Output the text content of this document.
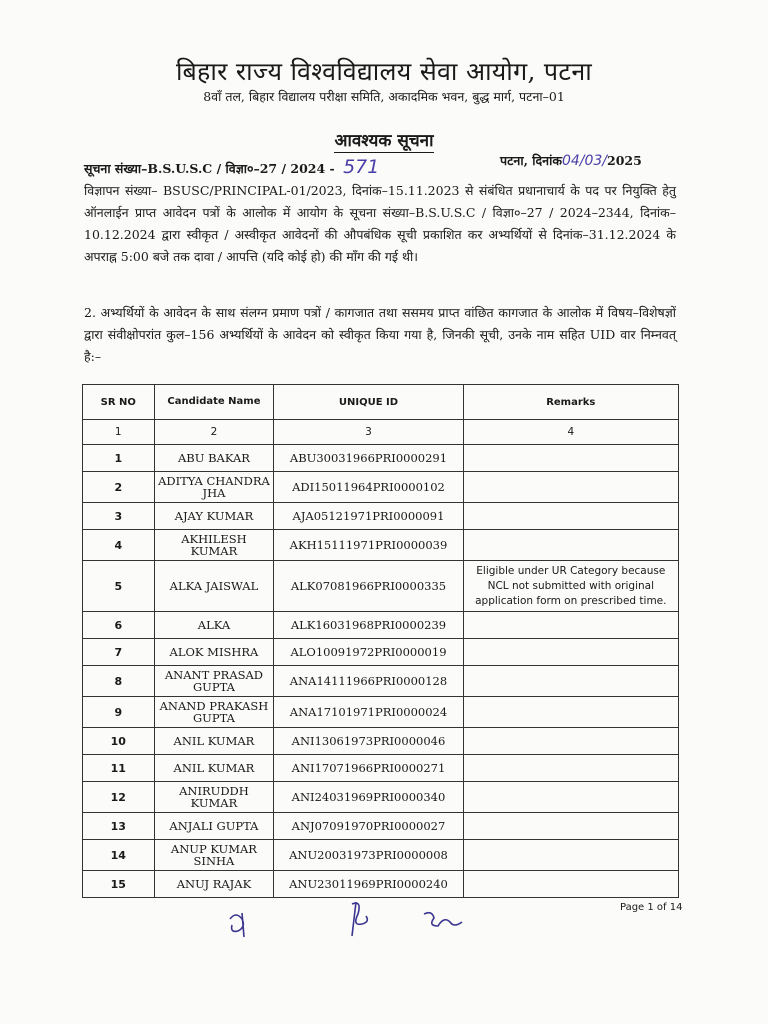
बिहार राज्य विश्वविद्यालय सेवा आयोग, पटना
8वाँ तल, बिहार विद्यालय परीक्षा समिति, अकादमिक भवन, बुद्ध मार्ग, पटना–01
आवश्यक सूचना
सूचना संख्या–B.S.U.S.C / विज्ञा०–27 / 2024 - 571	पटना, दिनांक04/03/2025
विज्ञापन संख्या– BSUSC/PRINCIPAL-01/2023, दिनांक–15.11.2023 से संबंधित प्रधानाचार्य के पद पर नियुक्ति हेतु ऑनलाईन प्राप्त आवेदन पत्रों के आलोक में आयोग के सूचना संख्या–B.S.U.S.C / विज्ञा०–27 / 2024–2344, दिनांक–10.12.2024 द्वारा स्वीकृत / अस्वीकृत आवेदनों की औपबंधिक सूची प्रकाशित कर अभ्यर्थियों से दिनांक–31.12.2024 के अपराह्न 5:00 बजे तक दावा / आपत्ति (यदि कोई हो) की माँग की गई थी।
2. अभ्यर्थियों के आवेदन के साथ संलग्न प्रमाण पत्रों / कागजात तथा ससमय प्राप्त वांछित कागजात के आलोक में विषय–विशेषज्ञों द्वारा संवीक्षोपरांत कुल–156 अभ्यर्थियों के आवेदन को स्वीकृत किया गया है, जिनकी सूची, उनके नाम सहित UID वार निम्नवत् है:–
SR NO	Candidate Name	UNIQUE ID	Remarks
1	2	3	4
1	ABU BAKAR	ABU30031966PRI0000291	
2	ADITYA CHANDRA JHA	ADI15011964PRI0000102	
3	AJAY KUMAR	AJA05121971PRI0000091	
4	AKHILESH KUMAR	AKH15111971PRI0000039	
5	ALKA JAISWAL	ALK07081966PRI0000335	Eligible under UR Category because NCL not submitted with original application form on prescribed time.
6	ALKA	ALK16031968PRI0000239	
7	ALOK MISHRA	ALO10091972PRI0000019	
8	ANANT PRASAD GUPTA	ANA14111966PRI0000128	
9	ANAND PRAKASH GUPTA	ANA17101971PRI0000024	
10	ANIL KUMAR	ANI13061973PRI0000046	
11	ANIL KUMAR	ANI17071966PRI0000271	
12	ANIRUDDH KUMAR	ANI24031969PRI0000340	
13	ANJALI GUPTA	ANJ07091970PRI0000027	
14	ANUP KUMAR SINHA	ANU20031973PRI0000008	
15	ANUJ RAJAK	ANU23011969PRI0000240	
Page 1 of 14
